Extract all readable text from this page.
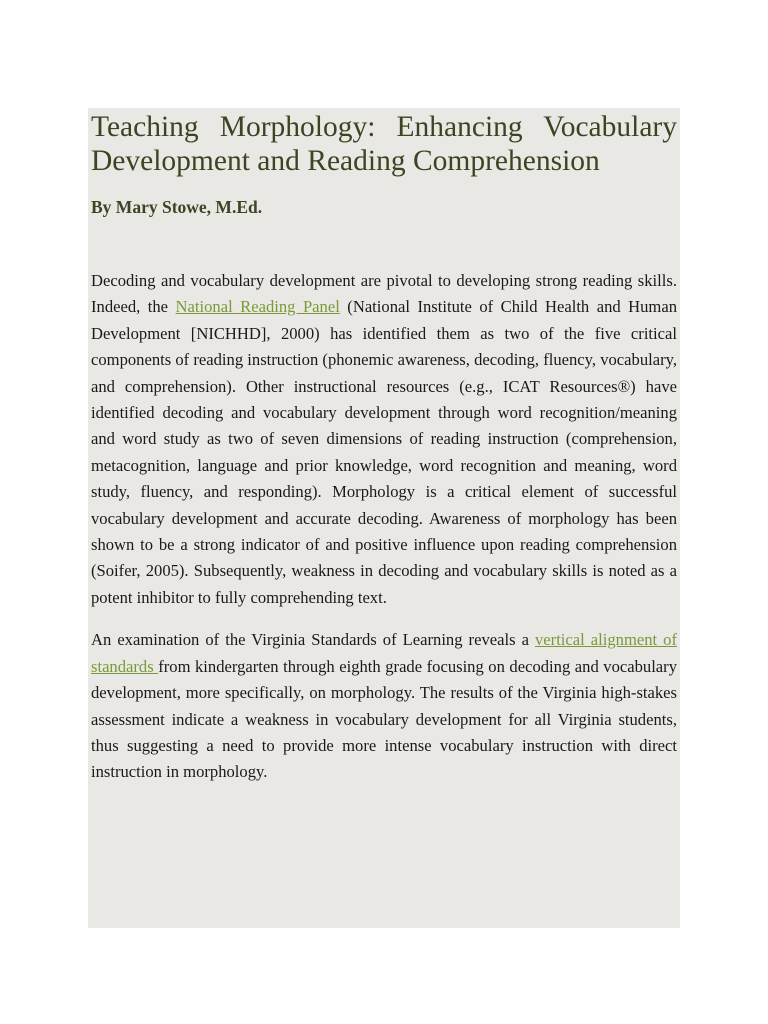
Teaching Morphology: Enhancing Vocabulary Development and Reading Comprehension

By Mary Stowe, M.Ed.

Decoding and vocabulary development are pivotal to developing strong reading skills. Indeed, the National Reading Panel (National Institute of Child Health and Human Development [NICHHD], 2000) has identified them as two of the five critical components of reading instruction (phonemic awareness, decoding, fluency, vocabulary, and comprehension). Other instructional resources (e.g., ICAT Resources®) have identified decoding and vocabulary development through word recognition/meaning and word study as two of seven dimensions of reading instruction (comprehension, metacognition, language and prior knowledge, word recognition and meaning, word study, fluency, and responding). Morphology is a critical element of successful vocabulary development and accurate decoding. Awareness of morphology has been shown to be a strong indicator of and positive influence upon reading comprehension (Soifer, 2005). Subsequently, weakness in decoding and vocabulary skills is noted as a potent inhibitor to fully comprehending text.

An examination of the Virginia Standards of Learning reveals a vertical alignment of standards from kindergarten through eighth grade focusing on decoding and vocabulary development, more specifically, on morphology. The results of the Virginia high-stakes assessment indicate a weakness in vocabulary development for all Virginia students, thus suggesting a need to provide more intense vocabulary instruction with direct instruction in morphology.
